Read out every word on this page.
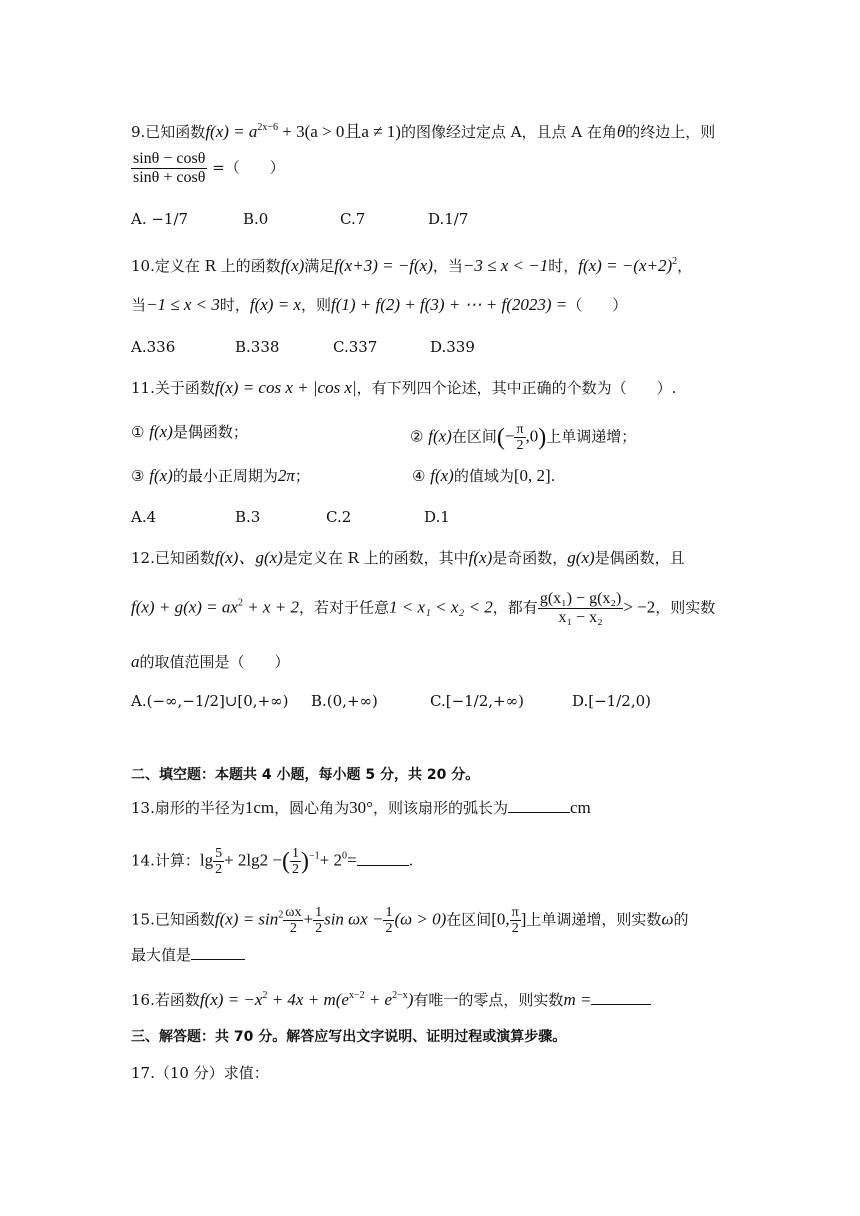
9.已知函数$f(x) = a^{2x-6} + 3(a > 0$且a ≠ 1)的图像经过定点 A，且点 A 在角θ的终边上，则
$\frac{\sin\theta - \cos\theta}{\sin\theta + \cos\theta}$ =（　　）
A. −1/7	B.0	C.7	D.1/7
10.定义在 R 上的函数f(x)满足f(x+3) = −f(x)，当−3 ≤ x < −1时，$f(x) = -(x+2)^2$，
当−1 ≤ x < 3时，f(x) = x，则f(1) + f(2) + f(3) + ⋯ + f(2023) =（　　）
A.336	B.338	C.337	D.339
11.关于函数f(x) = cos x + |cos x|，有下列四个论述，其中正确的个数为（　　）.
① f(x)是偶函数；	② f(x)在区间(− $\frac{\pi}{2} ,0$)上单调递增；
③ f(x)的最小正周期为2π；	④ f(x)的值域为[0, 2].
A.4	B.3	C.2	D.1
12.已知函数f(x)、g(x)是定义在 R 上的函数，其中f(x)是奇函数，g(x)是偶函数，且
$f(x) + g(x) = ax^2 + x + 2$，若对于任意1 < x₁ < x₂ < 2，都有 $\frac{\text{g(x₁) − g(x₂)}}{\text{x₁ − x₂}} > -2$，则实数
a的取值范围是（　　）
A.(−∞,−1/2]∪[0,+∞) B.(0,+∞)	C.[−1/2,+∞)	D.[−1/2,0)
二、填空题：本题共 4 小题，每小题 5 分，共 20 分。
13.扇形的半径为1cm，圆心角为30°，则该扇形的弧长为	cm
14.计算：$\lg \frac{5}{2} + 2\lg 2$ −( $\frac{1}{2} )^{-1}+ 2^0=$	.
15.已知函数$f(x) = \sin^2 \frac{\omega x}{2} + \frac{1}{2}$ $\sin \omega x - \frac{1}{2} (\omega > 0)$在区间[0, $\frac{\pi}{2}$ ]上单调递增，则实数ω的
最大值是
16.若函数$f(x) = -x^2 + 4x + m(e^{x-2} + e^{2-x})$有唯一的零点，则实数m =
三、解答题：共 70 分。解答应写出文字说明、证明过程或演算步骤。
17.（10 分）求值：
